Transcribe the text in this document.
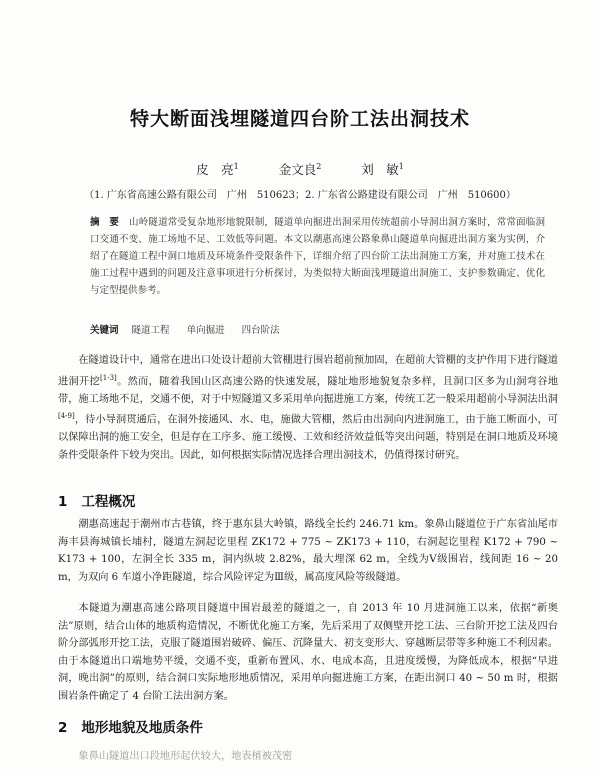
特大断面浅埋隧道四台阶工法出洞技术
皮　亮$^1$	金文良$^2$	刘　敏$^1$
（1. 广东省高速公路有限公司　广州　510623；2. 广东省公路建设有限公司　广州　510600）
摘　要 山岭隧道常受复杂地形地貌限制，隧道单向掘进出洞采用传统超前小导洞出洞方案时，常常面临洞口交通不变、施工场地不足、工效低等问题。本文以潮惠高速公路象鼻山隧道单向掘进出洞方案为实例，介绍了在隧道工程中洞口地质及环境条件受限条件下，详细介绍了四台阶工法出洞施工方案，并对施工技术在施工过程中遇到的问题及注意事项进行分析探讨，为类似特大断面浅埋隧道出洞施工、支护参数确定、优化与定型提供参考。
关键词 隧道工程 单向掘进 四台阶法
在隧道设计中，通常在进出口处设计超前大管棚进行围岩超前预加固，在超前大管棚的支护作用下进行隧道进洞开挖[1-3]。然而，随着我国山区高速公路的快速发展，隧址地形地貌复杂多样，且洞口区多为山洞弯谷地带，施工场地不足，交通不便，对于中短隧道又多采用单向掘进施工方案，传统工艺一般采用超前小导洞法出洞[4-9]，待小导洞贯通后，在洞外接通风、水、电，施做大管棚，然后由出洞向内进洞施工，由于施工断面小，可以保障出洞的施工安全，但是存在工序多、施工缓慢、工效和经济效益低等突出问题，特别是在洞口地质及环境条件受限条件下较为突出。因此，如何根据实际情况选择合理出洞技术，仍值得探讨研究。
1 工程概况
潮惠高速起于潮州市古巷镇，终于惠东县大岭镇，路线全长约 246.71 km。象鼻山隧道位于广东省汕尾市海丰县海城镇长埔村，隧道左洞起讫里程 ZK172 + 775 ~ ZK173 + 110，右洞起讫里程 K172 + 790 ~ K173 + 100，左洞全长 335 m，洞内纵坡 2.82%，最大埋深 62 m，全线为Ⅴ级围岩，线间距 16 ~ 20 m，为双向 6 车道小净距隧道，综合风险评定为Ⅲ级，属高度风险等级隧道。
本隧道为潮惠高速公路项目隧道中围岩最差的隧道之一，自 2013 年 10 月进洞施工以来，依据“新奥法”原则，结合山体的地质构造情况，不断优化施工方案，先后采用了双侧壁开挖工法、三台阶开挖工法及四台阶分部弧形开挖工法，克服了隧道围岩破碎、偏压、沉降量大、初支变形大、穿越断层带等多种施工不利因素。由于本隧道出口端地势平缓，交通不变，重新布置风、水、电成本高，且进度缓慢，为降低成本，根据“早进洞，晚出洞”的原则，结合洞口实际地形地质情况，采用单向掘进施工方案，在距出洞口 40 ~ 50 m 时，根据围岩条件确定了 4 台阶工法出洞方案。
2 地形地貌及地质条件
象鼻山隧道出口段地形起伏较大，地表植被茂密
